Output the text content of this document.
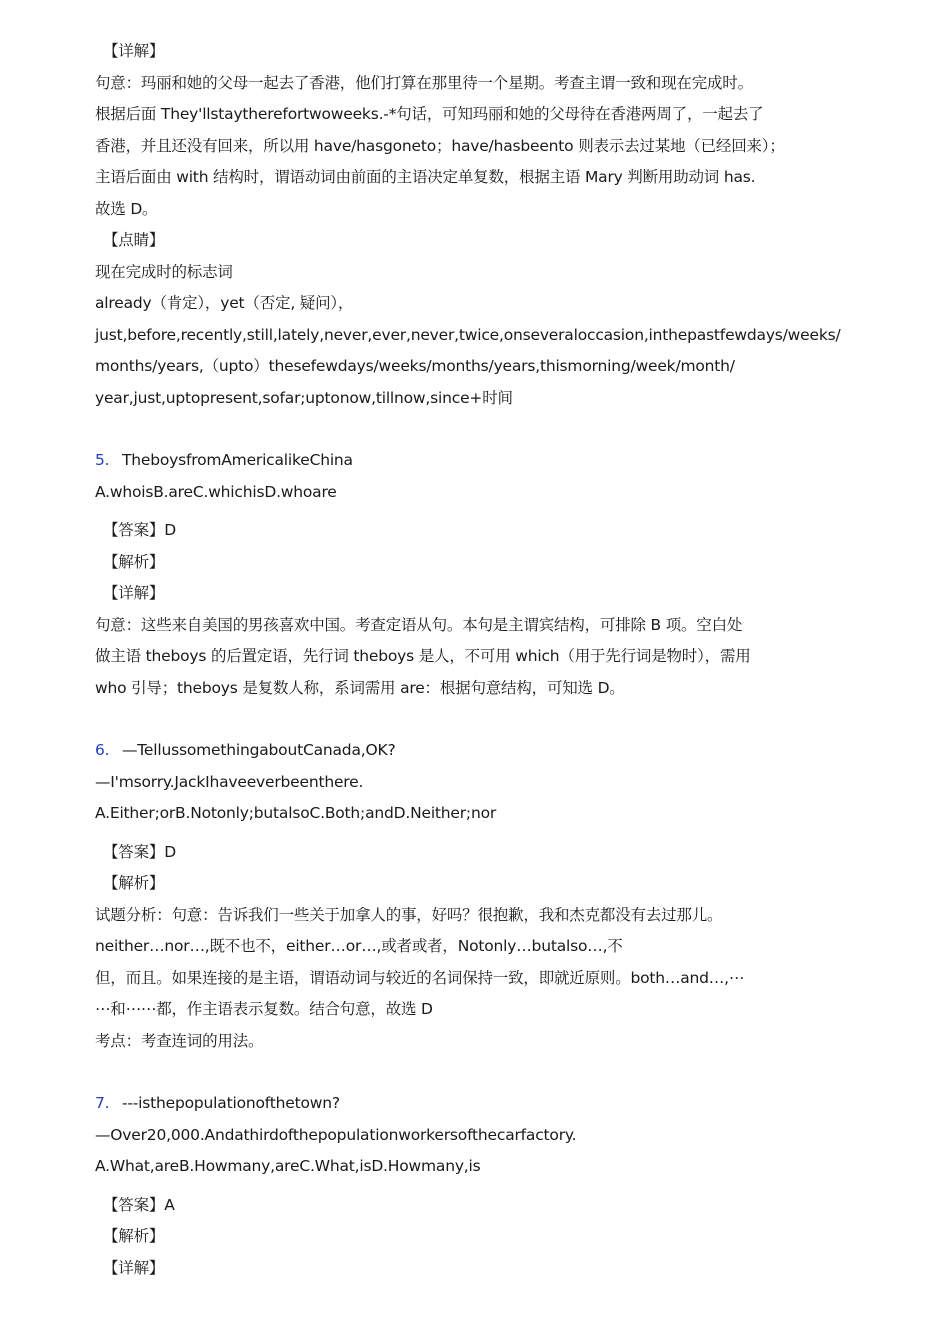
【详解】
句意：玛丽和她的父母一起去了香港，他们打算在那里待一个星期。考查主谓一致和现在完成时。
根据后面 They'llstaytherefortwoweeks.-*句话，可知玛丽和她的父母待在香港两周了，一起去了
香港，并且还没有回来，所以用 have/hasgoneto；have/hasbeento 则表示去过某地（已经回来）；
主语后面由 with 结构时，谓语动词由前面的主语决定单复数，根据主语 Mary 判断用助动词 has.
故选 D。
【点睛】
现在完成时的标志词
already（肯定），yet（否定, 疑问），
just,before,recently,still,lately,never,ever,never,twice,onseveraloccasion,inthepastfewdays/weeks/
months/years,（upto）thesefewdays/weeks/months/years,thismorning/week/month/
year,just,uptopresent,sofar;uptonow,tillnow,since+时间
5. TheboysfromAmericalikeChina
A.whoisB.areC.whichisD.whoare
【答案】D
【解析】
【详解】
句意：这些来自美国的男孩喜欢中国。考查定语从句。本句是主谓宾结构，可排除 B 项。空白处
做主语 theboys 的后置定语，先行词 theboys 是人，不可用 which（用于先行词是物时），需用
who 引导；theboys 是复数人称，系词需用 are：根据句意结构，可知选 D。
6. —TellussomethingaboutCanada,OK?
—I'msorry.JackIhaveeverbeenthere.
A.Either;orB.Notonly;butalsoC.Both;andD.Neither;nor
【答案】D
【解析】
试题分析：句意：告诉我们一些关于加拿人的事，好吗？很抱歉，我和杰克都没有去过那儿。
neither…nor…,既不也不，either…or…,或者或者，Notonly…butalso…,不
但，而且。如果连接的是主语，谓语动词与较近的名词保持一致，即就近原则。both…and…,⋯
⋯和⋯⋯都，作主语表示复数。结合句意，故选 D
考点：考查连词的用法。
7. ---isthepopulationofthetown?
—Over20,000.Andathirdofthepopulationworkersofthecarfactory.
A.What,areB.Howmany,areC.What,isD.Howmany,is
【答案】A
【解析】
【详解】
